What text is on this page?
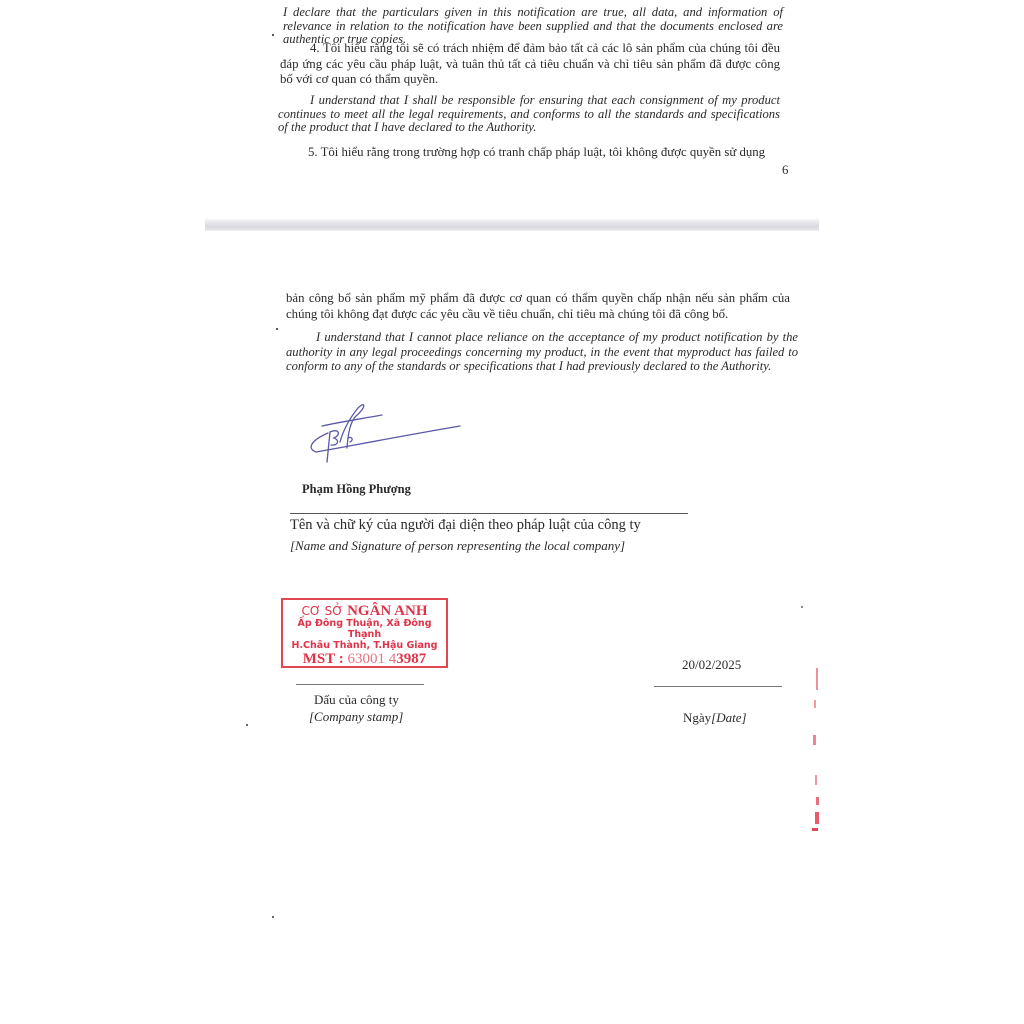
I declare that the particulars given in this notification are true, all data, and information of relevance in relation to the notification have been supplied and that the documents enclosed are authentic or true copies.
4. Tôi hiểu rằng tôi sẽ có trách nhiệm để đảm bảo tất cả các lô sản phẩm của chúng tôi đều đáp ứng các yêu cầu pháp luật, và tuân thủ tất cả tiêu chuẩn và chỉ tiêu sản phẩm đã được công bố với cơ quan có thẩm quyền.
I understand that I shall be responsible for ensuring that each consignment of my product continues to meet all the legal requirements, and conforms to all the standards and specifications of the product that I have declared to the Authority.
5. Tôi hiểu rằng trong trường hợp có tranh chấp pháp luật, tôi không được quyền sử dụng
6
bản công bố sản phẩm mỹ phẩm đã được cơ quan có thẩm quyền chấp nhận nếu sản phẩm của chúng tôi không đạt được các yêu cầu về tiêu chuẩn, chỉ tiêu mà chúng tôi đã công bố.
I understand that I cannot place reliance on the acceptance of my product notification by the authority in any legal proceedings concerning my product, in the event that myproduct has failed to conform to any of the standards or specifications that I had previously declared to the Authority.
Phạm Hồng Phượng
Tên và chữ ký của người đại diện theo pháp luật của công ty
[Name and Signature of person representing the local company]
CƠ SỞ NGÂN ANH
Ấp Đông Thuận, Xã Đông Thạnh
H.Châu Thành, T.Hậu Giang
MST : 63001 43987
Dấu của công ty
[Company stamp]
20/02/2025
Ngày[Date]
